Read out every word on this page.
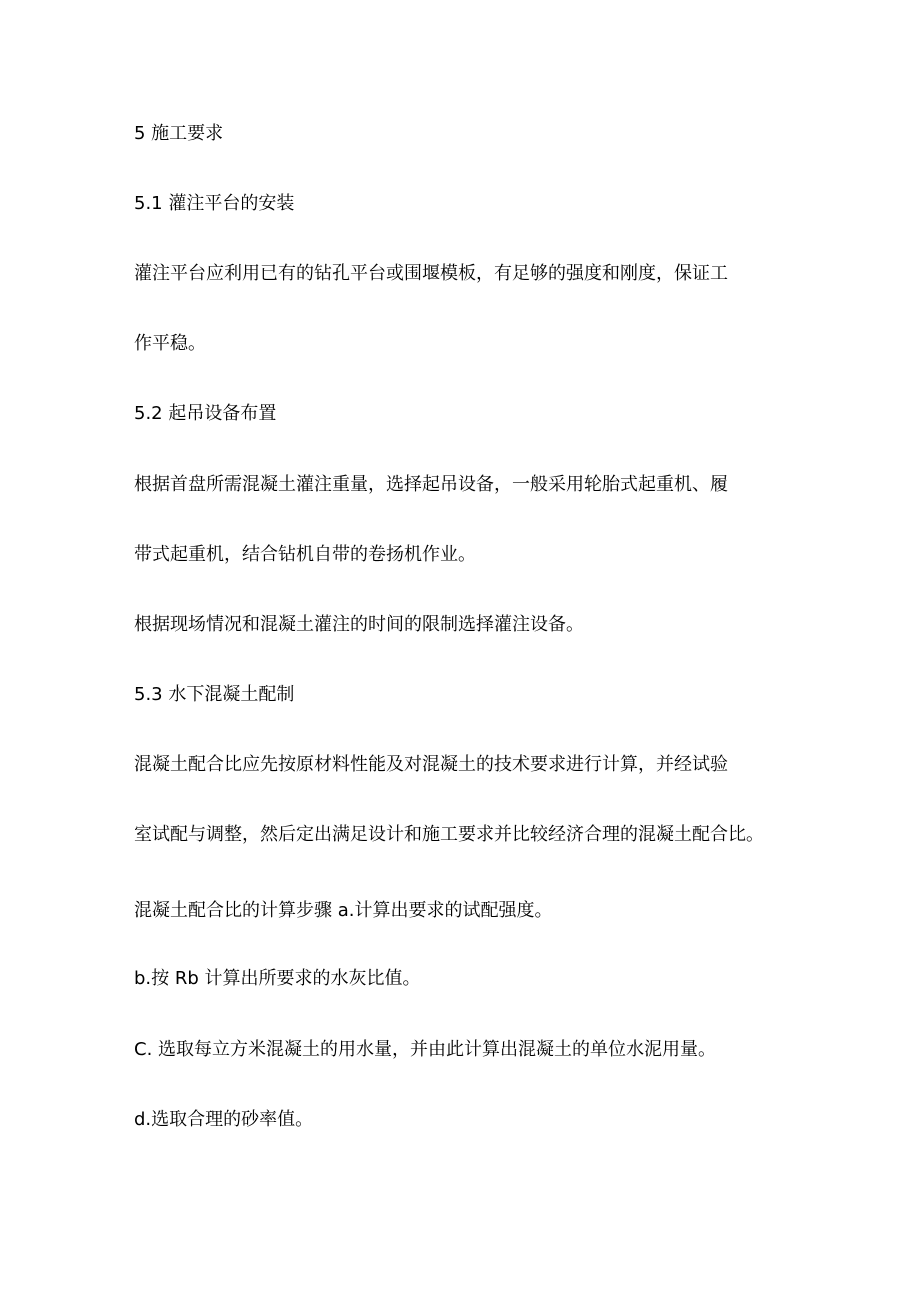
5 施工要求
5.1 灌注平台的安装
灌注平台应利用已有的钻孔平台或围堰模板，有足够的强度和刚度，保证工
作平稳。
5.2 起吊设备布置
根据首盘所需混凝土灌注重量，选择起吊设备，一般采用轮胎式起重机、履
带式起重机，结合钻机自带的卷扬机作业。
根据现场情况和混凝土灌注的时间的限制选择灌注设备。
5.3 水下混凝土配制
混凝土配合比应先按原材料性能及对混凝土的技术要求进行计算，并经试验
室试配与调整，然后定出满足设计和施工要求并比较经济合理的混凝土配合比。
混凝土配合比的计算步骤 a.计算出要求的试配强度。
b.按 Rb 计算出所要求的水灰比值。
C. 选取每立方米混凝土的用水量，并由此计算出混凝土的单位水泥用量。
d.选取合理的砂率值。
